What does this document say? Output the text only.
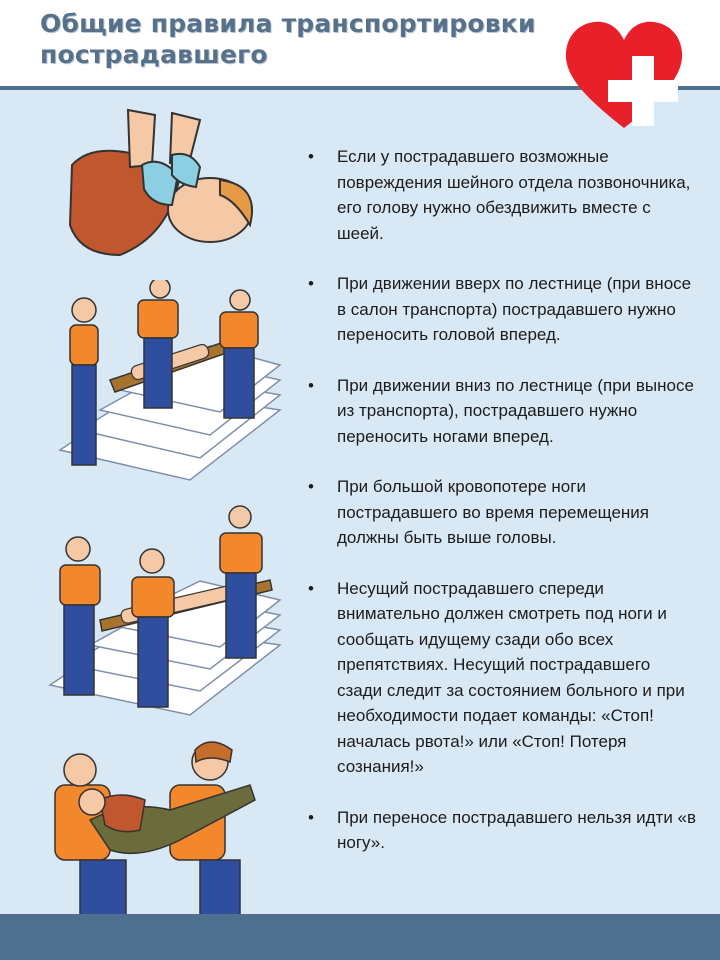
Общие правила транспортировки
пострадавшего
• Если у пострадавшего возможные повреждения шейного отдела позвоночника, его голову нужно обездвижить вместе с шеей.
• При движении вверх по лестнице (при вносе в салон транспорта) пострадавшего нужно переносить головой вперед.
• При движении вниз по лестнице (при выносе из транспорта), пострадавшего нужно переносить ногами вперед.
• При большой кровопотере ноги пострадавшего во время перемещения должны быть выше головы.
• Несущий пострадавшего спереди внимательно должен смотреть под ноги и сообщать идущему сзади обо всех препятствиях. Несущий пострадавшего сзади следит за состоянием больного и при необходимости подает команды: «Стоп! началась рвота!» или «Стоп! Потеря сознания!»
• При переносе пострадавшего нельзя идти «в ногу».
